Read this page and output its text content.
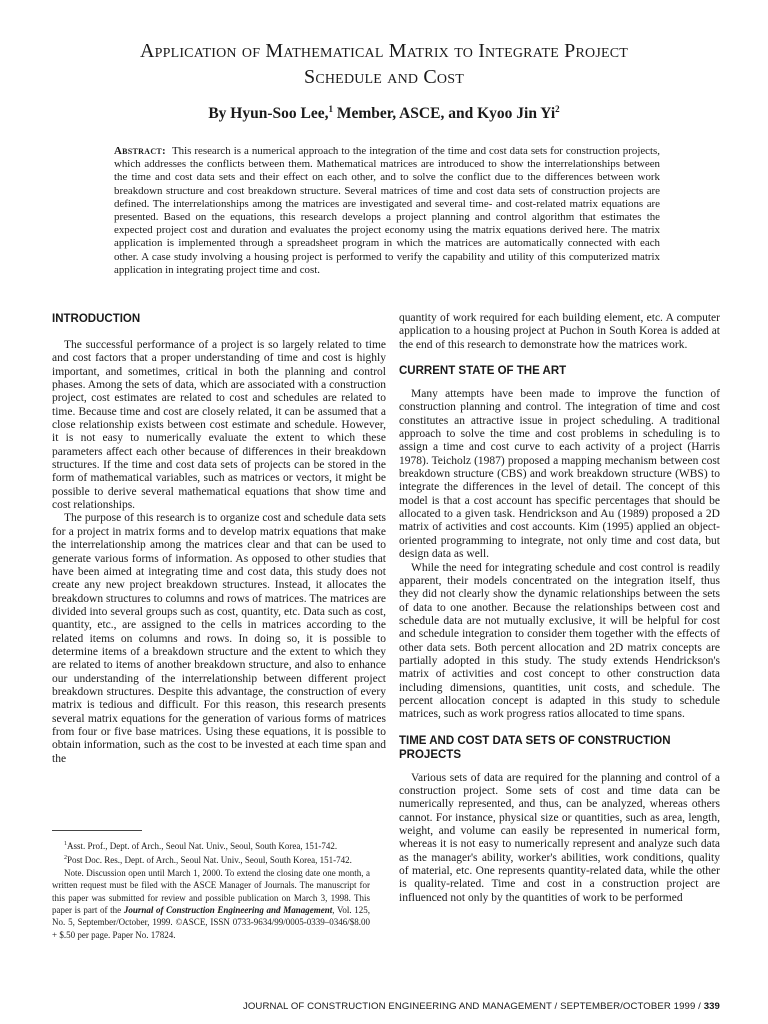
Application of Mathematical Matrix to Integrate Project
Schedule and Cost

By Hyun-Soo Lee,$^1$ Member, ASCE, and Kyoo Jin Yi$^2$

Abstract: This research is a numerical approach to the integration of the time and cost data sets for construction projects, which addresses the conflicts between them. Mathematical matrices are introduced to show the interrelationships between the time and cost data sets and their effect on each other, and to solve the conflict due to the differences between work breakdown structure and cost breakdown structure. Several matrices of time and cost data sets of construction projects are defined. The interrelationships among the matrices are investigated and several time- and cost-related matrix equations are presented. Based on the equations, this research develops a project planning and control algorithm that estimates the expected project cost and duration and evaluates the project economy using the matrix equations derived here. The matrix application is implemented through a spreadsheet program in which the matrices are automatically connected with each other. A case study involving a housing project is performed to verify the capability and utility of this computerized matrix application in integrating project time and cost.

INTRODUCTION

The successful performance of a project is so largely related to time and cost factors that a proper understanding of time and cost is highly important, and sometimes, critical in both the planning and control phases. Among the sets of data, which are associated with a construction project, cost estimates are related to cost and schedules are related to time. Because time and cost are closely related, it can be assumed that a close relationship exists between cost estimate and schedule. However, it is not easy to numerically evaluate the extent to which these parameters affect each other because of differences in their breakdown structures. If the time and cost data sets of projects can be stored in the form of mathematical variables, such as matrices or vectors, it might be possible to derive several mathematical equations that show time and cost relationships.

The purpose of this research is to organize cost and schedule data sets for a project in matrix forms and to develop matrix equations that make the interrelationship among the matrices clear and that can be used to generate various forms of information. As opposed to other studies that have been aimed at integrating time and cost data, this study does not create any new project breakdown structures. Instead, it allocates the breakdown structures to columns and rows of matrices. The matrices are divided into several groups such as cost, quantity, etc. Data such as cost, quantity, etc., are assigned to the cells in matrices according to the related items on columns and rows. In doing so, it is possible to determine items of a breakdown structure and the extent to which they are related to items of another breakdown structure, and also to enhance our understanding of the interrelationship between different project breakdown structures. Despite this advantage, the construction of every matrix is tedious and difficult. For this reason, this research presents several matrix equations for the generation of various forms of matrices from four or five base matrices. Using these equations, it is possible to obtain information, such as the cost to be invested at each time span and the

$^1$Asst. Prof., Dept. of Arch., Seoul Nat. Univ., Seoul, South Korea, 151-742.

$^2$Post Doc. Res., Dept. of Arch., Seoul Nat. Univ., Seoul, South Korea, 151-742.

Note. Discussion open until March 1, 2000. To extend the closing date one month, a written request must be filed with the ASCE Manager of Journals. The manuscript for this paper was submitted for review and possible publication on March 3, 1998. This paper is part of the Journal of Construction Engineering and Management, Vol. 125, No. 5, September/October, 1999. ©ASCE, ISSN 0733-9634/99/0005-0339–0346/$8.00 + $.50 per page. Paper No. 17824.

quantity of work required for each building element, etc. A computer application to a housing project at Puchon in South Korea is added at the end of this research to demonstrate how the matrices work.

CURRENT STATE OF THE ART

Many attempts have been made to improve the function of construction planning and control. The integration of time and cost constitutes an attractive issue in project scheduling. A traditional approach to solve the time and cost problems in scheduling is to assign a time and cost curve to each activity of a project (Harris 1978). Teicholz (1987) proposed a mapping mechanism between cost breakdown structure (CBS) and work breakdown structure (WBS) to integrate the differences in the level of detail. The concept of this model is that a cost account has specific percentages that should be allocated to a given task. Hendrickson and Au (1989) proposed a 2D matrix of activities and cost accounts. Kim (1995) applied an object-oriented programming to integrate, not only time and cost data, but design data as well.

While the need for integrating schedule and cost control is readily apparent, their models concentrated on the integration itself, thus they did not clearly show the dynamic relationships between the sets of data to one another. Because the relationships between cost and schedule data are not mutually exclusive, it will be helpful for cost and schedule integration to consider them together with the effects of other data sets. Both percent allocation and 2D matrix concepts are partially adopted in this study. The study extends Hendrickson's matrix of activities and cost concept to other construction data including dimensions, quantities, unit costs, and schedule. The percent allocation concept is adapted in this study to schedule matrices, such as work progress ratios allocated to time spans.

TIME AND COST DATA SETS OF CONSTRUCTION PROJECTS

Various sets of data are required for the planning and control of a construction project. Some sets of cost and time data can be numerically represented, and thus, can be analyzed, whereas others cannot. For instance, physical size or quantities, such as area, length, weight, and volume can easily be represented in numerical form, whereas it is not easy to numerically represent and analyze such data as the manager's ability, worker's abilities, work conditions, quality of material, etc. One represents quantity-related data, while the other is quality-related. Time and cost in a construction project are influenced not only by the quantities of work to be performed

JOURNAL OF CONSTRUCTION ENGINEERING AND MANAGEMENT / SEPTEMBER/OCTOBER 1999 / 339
